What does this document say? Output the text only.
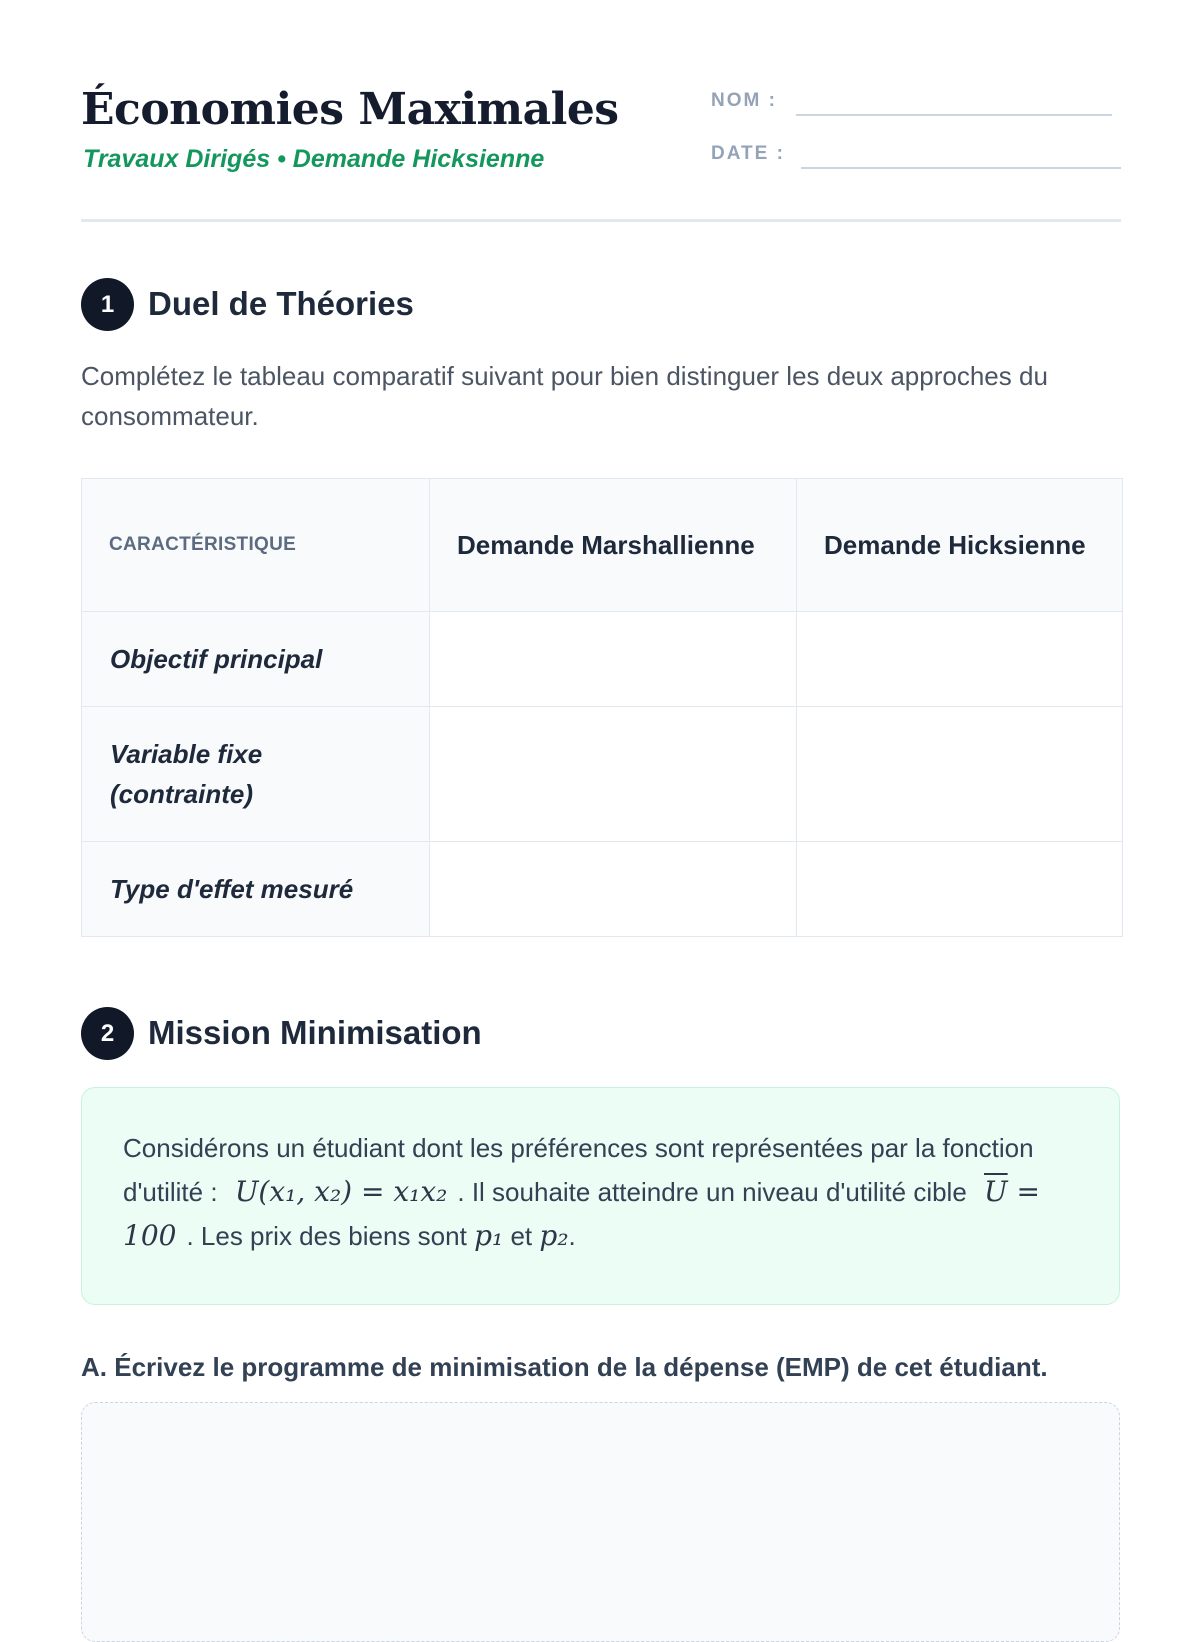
Économies Maximales
Travaux Dirigés • Demande Hicksienne
NOM :
DATE :
1	Duel de Théories
Complétez le tableau comparatif suivant pour bien distinguer les deux approches du consommateur.
CARACTÉRISTIQUE	Demande Marshallienne	Demande Hicksienne
Objectif principal		
Variable fixe (contrainte)		
Type d'effet mesuré		
2	Mission Minimisation
Considérons un étudiant dont les préférences sont représentées par la fonction d'utilité : U(x₁, x₂) = x₁x₂ . Il souhaite atteindre un niveau d'utilité cible $\overline{U} = 100$ . Les prix des biens sont p₁ et p₂.
A. Écrivez le programme de minimisation de la dépense (EMP) de cet étudiant.
